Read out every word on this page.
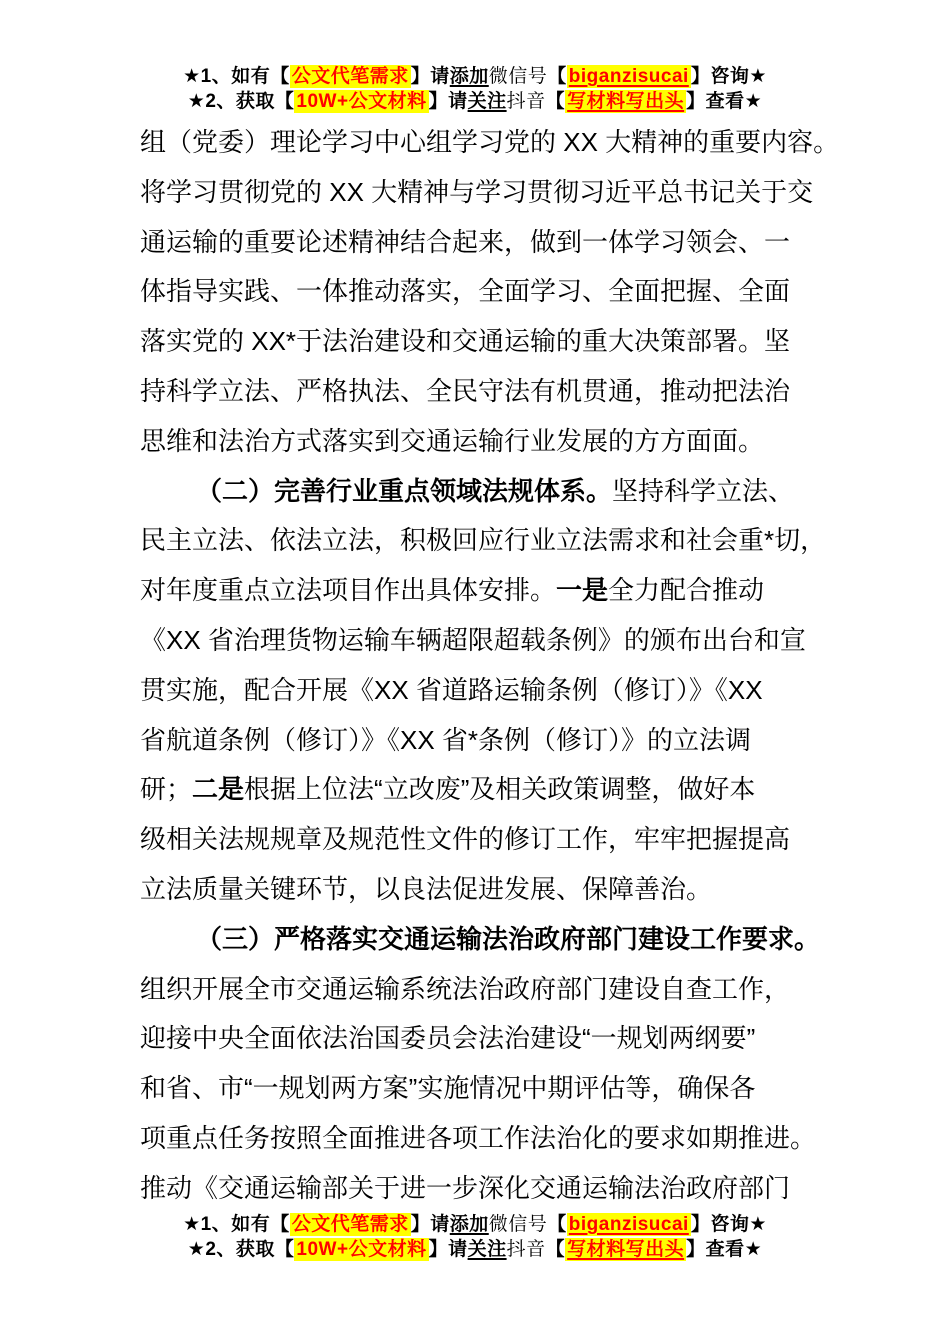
★1、如有【 公文代笔需求 】请添加微信号【 biganzisucai 】咨询★
★2、获取【 10W+公文材料 】请关注抖音【 写材料写出头 】查看★
组（党委）理论学习中心组学习党的 XX 大精神的重要内容。
将学习贯彻党的 XX 大精神与学习贯彻习近平总书记关于交
通运输的重要论述精神结合起来，做到一体学习领会、一
体指导实践、一体推动落实，全面学习、全面把握、全面
落实党的 XX*于法治建设和交通运输的重大决策部署。坚
持科学立法、严格执法、全民守法有机贯通，推动把法治
思维和法治方式落实到交通运输行业发展的方方面面。
（二）完善行业重点领域法规体系。坚持科学立法、
民主立法、依法立法，积极回应行业立法需求和社会重*切，
对年度重点立法项目作出具体安排。一是全力配合推动
《XX 省治理货物运输车辆超限超载条例》的颁布出台和宣
贯实施，配合开展《XX 省道路运输条例（修订）》《XX
省航道条例（修订）》《XX 省*条例（修订）》的立法调
研；二是根据上位法“立改废”及相关政策调整，做好本
级相关法规规章及规范性文件的修订工作，牢牢把握提高
立法质量关键环节，以良法促进发展、保障善治。
（三）严格落实交通运输法治政府部门建设工作要求。
组织开展全市交通运输系统法治政府部门建设自查工作，
迎接中央全面依法治国委员会法治建设“一规划两纲要”
和省、市“一规划两方案”实施情况中期评估等，确保各
项重点任务按照全面推进各项工作法治化的要求如期推进。
推动《交通运输部关于进一步深化交通运输法治政府部门
★1、如有【 公文代笔需求 】请添加微信号【 biganzisucai 】咨询★
★2、获取【 10W+公文材料 】请关注抖音【 写材料写出头 】查看★
